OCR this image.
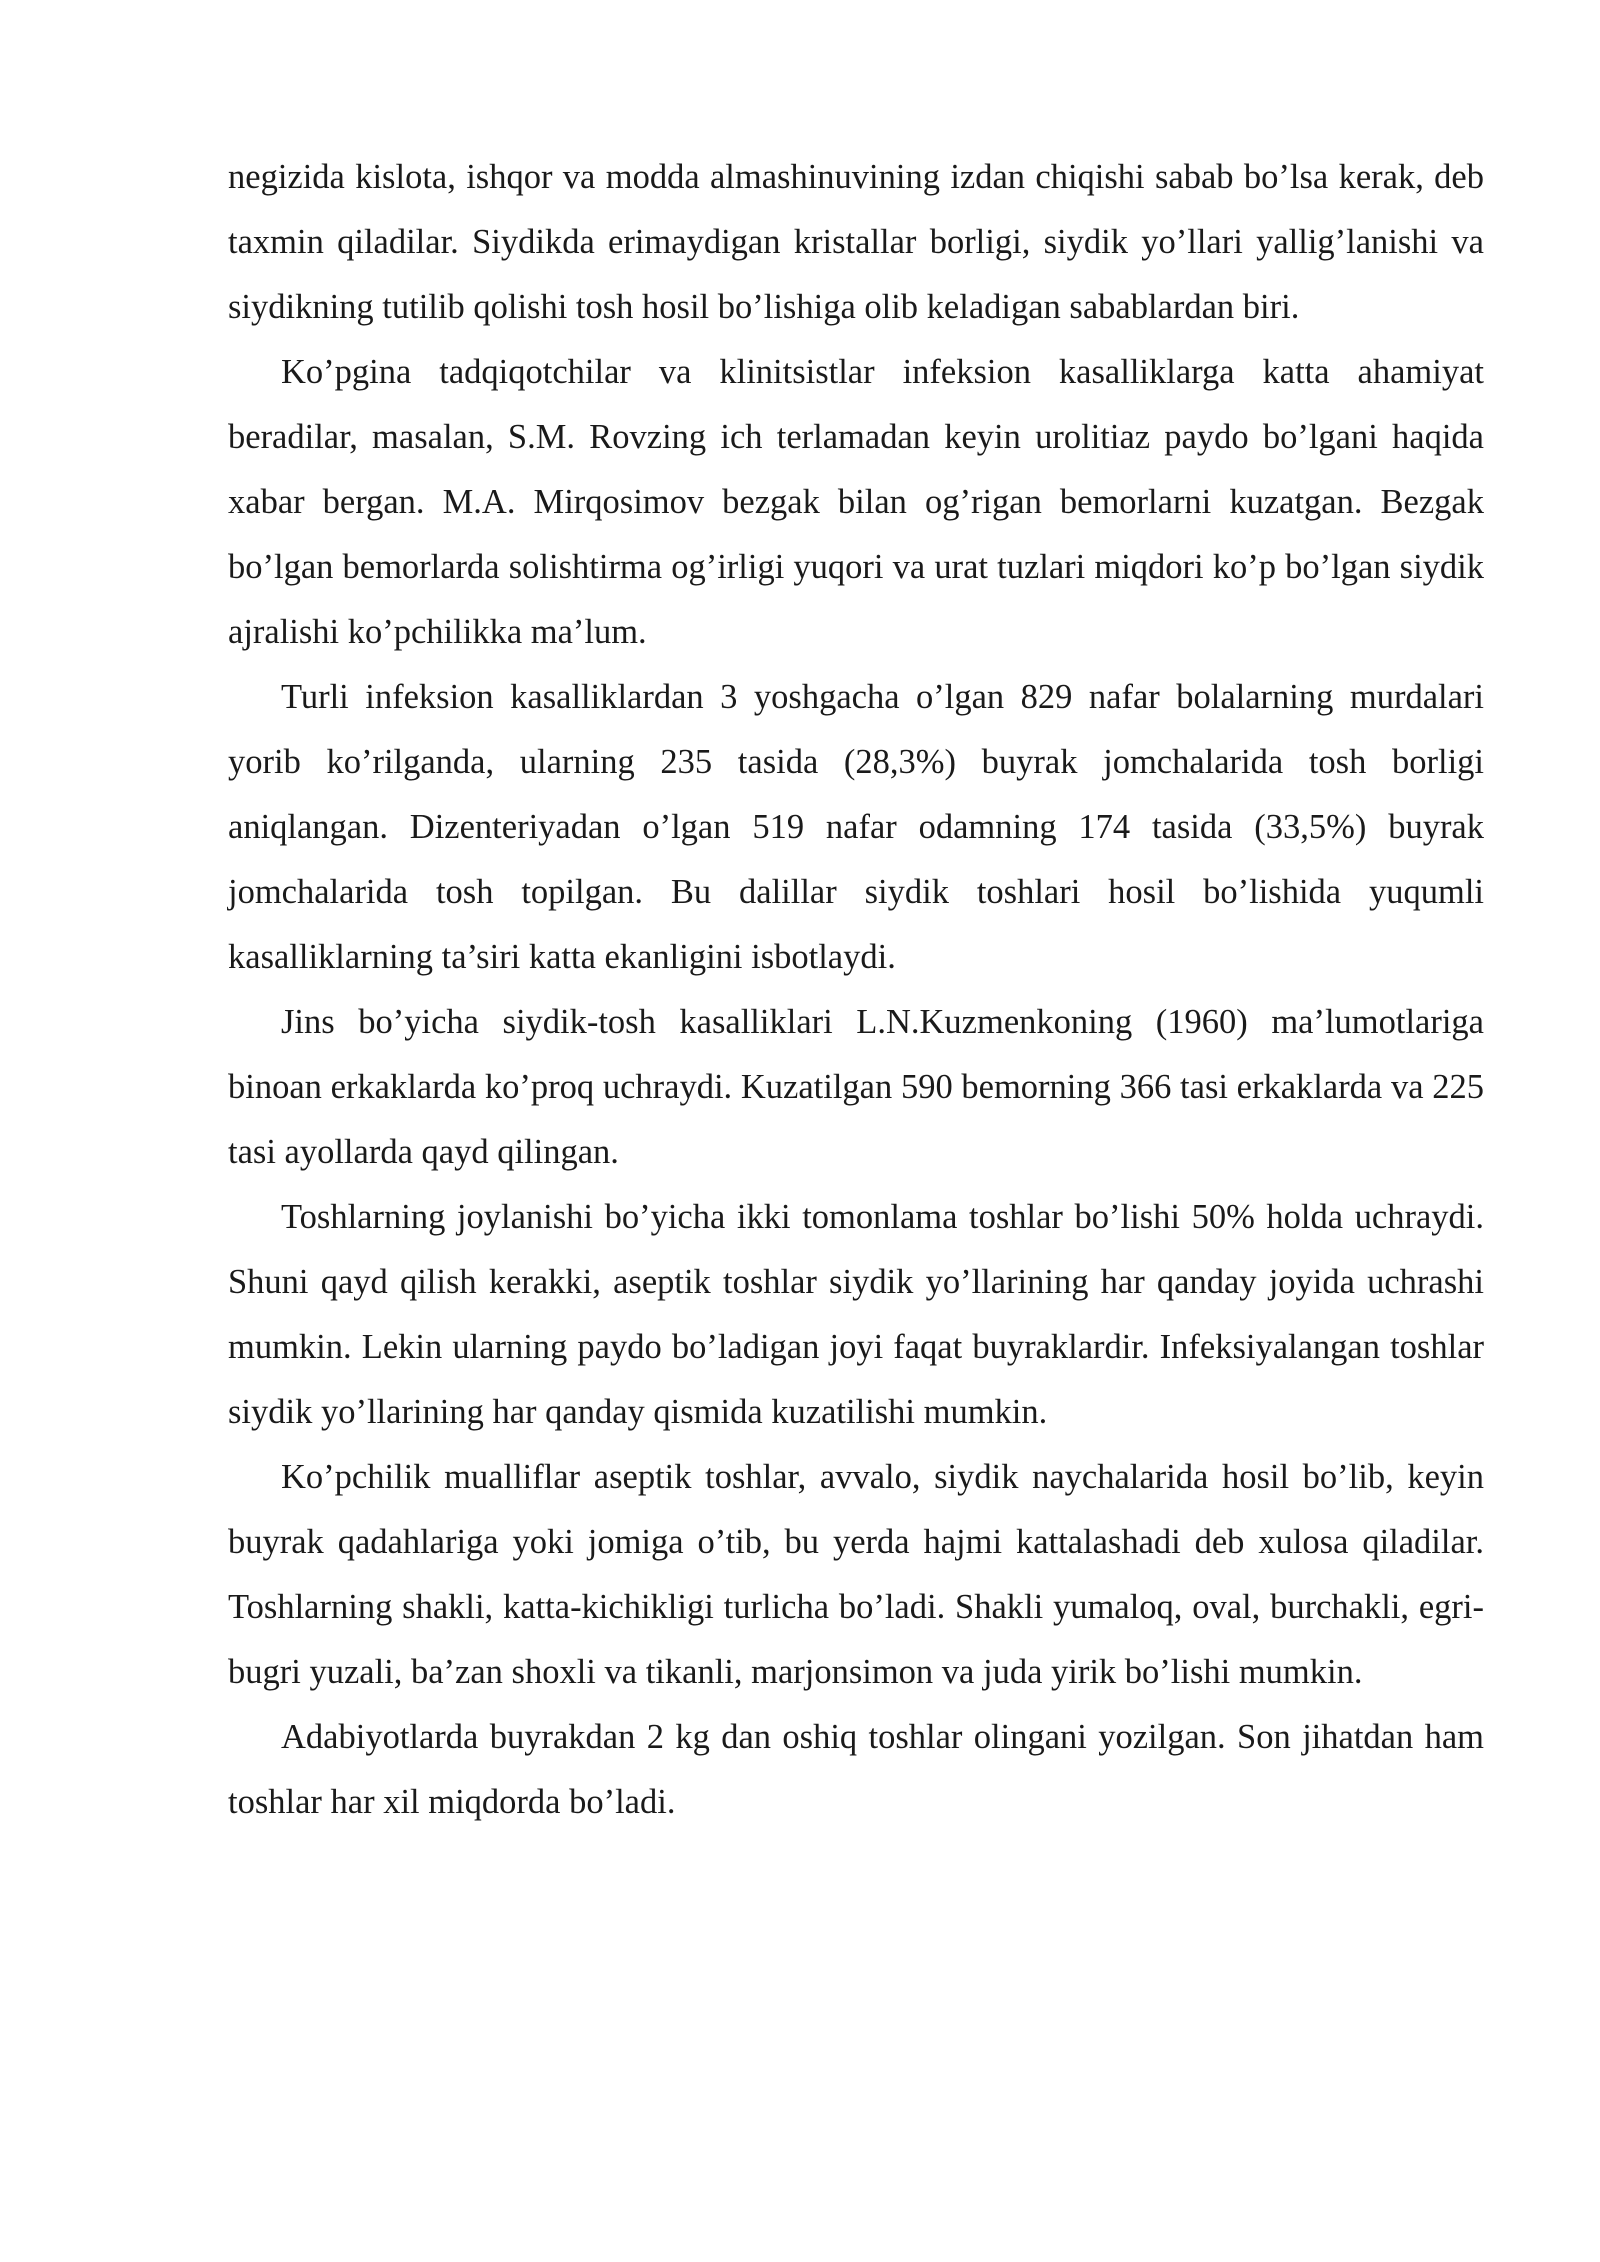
negizida kislota, ishqor va modda almashinuvining izdan chiqishi sabab bo’lsa kerak, deb taxmin qiladilar. Siydikda erimaydigan kristallar borligi, siydik yo’llari yallig’lanishi va siydikning tutilib qolishi tosh hosil bo’lishiga olib keladigan sabablardan biri.

Ko’pgina tadqiqotchilar va klinitsistlar infeksion kasalliklarga katta ahamiyat beradilar, masalan, S.M. Rovzing ich terlamadan keyin urolitiaz paydo bo’lgani haqida xabar bergan. M.A. Mirqosimov bezgak bilan og’rigan bemorlarni kuzatgan. Bezgak bo’lgan bemorlarda solishtirma og’irligi yuqori va urat tuzlari miqdori ko’p bo’lgan siydik ajralishi ko’pchilikka ma’lum.

Turli infeksion kasalliklardan 3 yoshgacha o’lgan 829 nafar bolalarning murdalari yorib ko’rilganda, ularning 235 tasida (28,3%) buyrak jomchalarida tosh borligi aniqlangan. Dizenteriyadan o’lgan 519 nafar odamning 174 tasida (33,5%) buyrak jomchalarida tosh topilgan. Bu dalillar siydik toshlari hosil bo’lishida yuqumli kasalliklarning ta’siri katta ekanligini isbotlaydi.

Jins bo’yicha siydik-tosh kasalliklari L.N.Kuzmenkoning (1960) ma’lumotlariga binoan erkaklarda ko’proq uchraydi. Kuzatilgan 590 bemorning 366 tasi erkaklarda va 225 tasi ayollarda qayd qilingan.

Toshlarning joylanishi bo’yicha ikki tomonlama toshlar bo’lishi 50% holda uchraydi. Shuni qayd qilish kerakki, aseptik toshlar siydik yo’llarining har qanday joyida uchrashi mumkin. Lekin ularning paydo bo’ladigan joyi faqat buyraklardir. Infeksiyalangan toshlar siydik yo’llarining har qanday qismida kuzatilishi mumkin.

Ko’pchilik mualliflar aseptik toshlar, avvalo, siydik naychalarida hosil bo’lib, keyin buyrak qadahlariga yoki jomiga o’tib, bu yerda hajmi kattalashadi deb xulosa qiladilar. Toshlarning shakli, katta-kichikligi turlicha bo’ladi. Shakli yumaloq, oval, burchakli, egri-bugri yuzali, ba’zan shoxli va tikanli, marjonsimon va juda yirik bo’lishi mumkin.

Adabiyotlarda buyrakdan 2 kg dan oshiq toshlar olingani yozilgan. Son jihatdan ham toshlar har xil miqdorda bo’ladi.
